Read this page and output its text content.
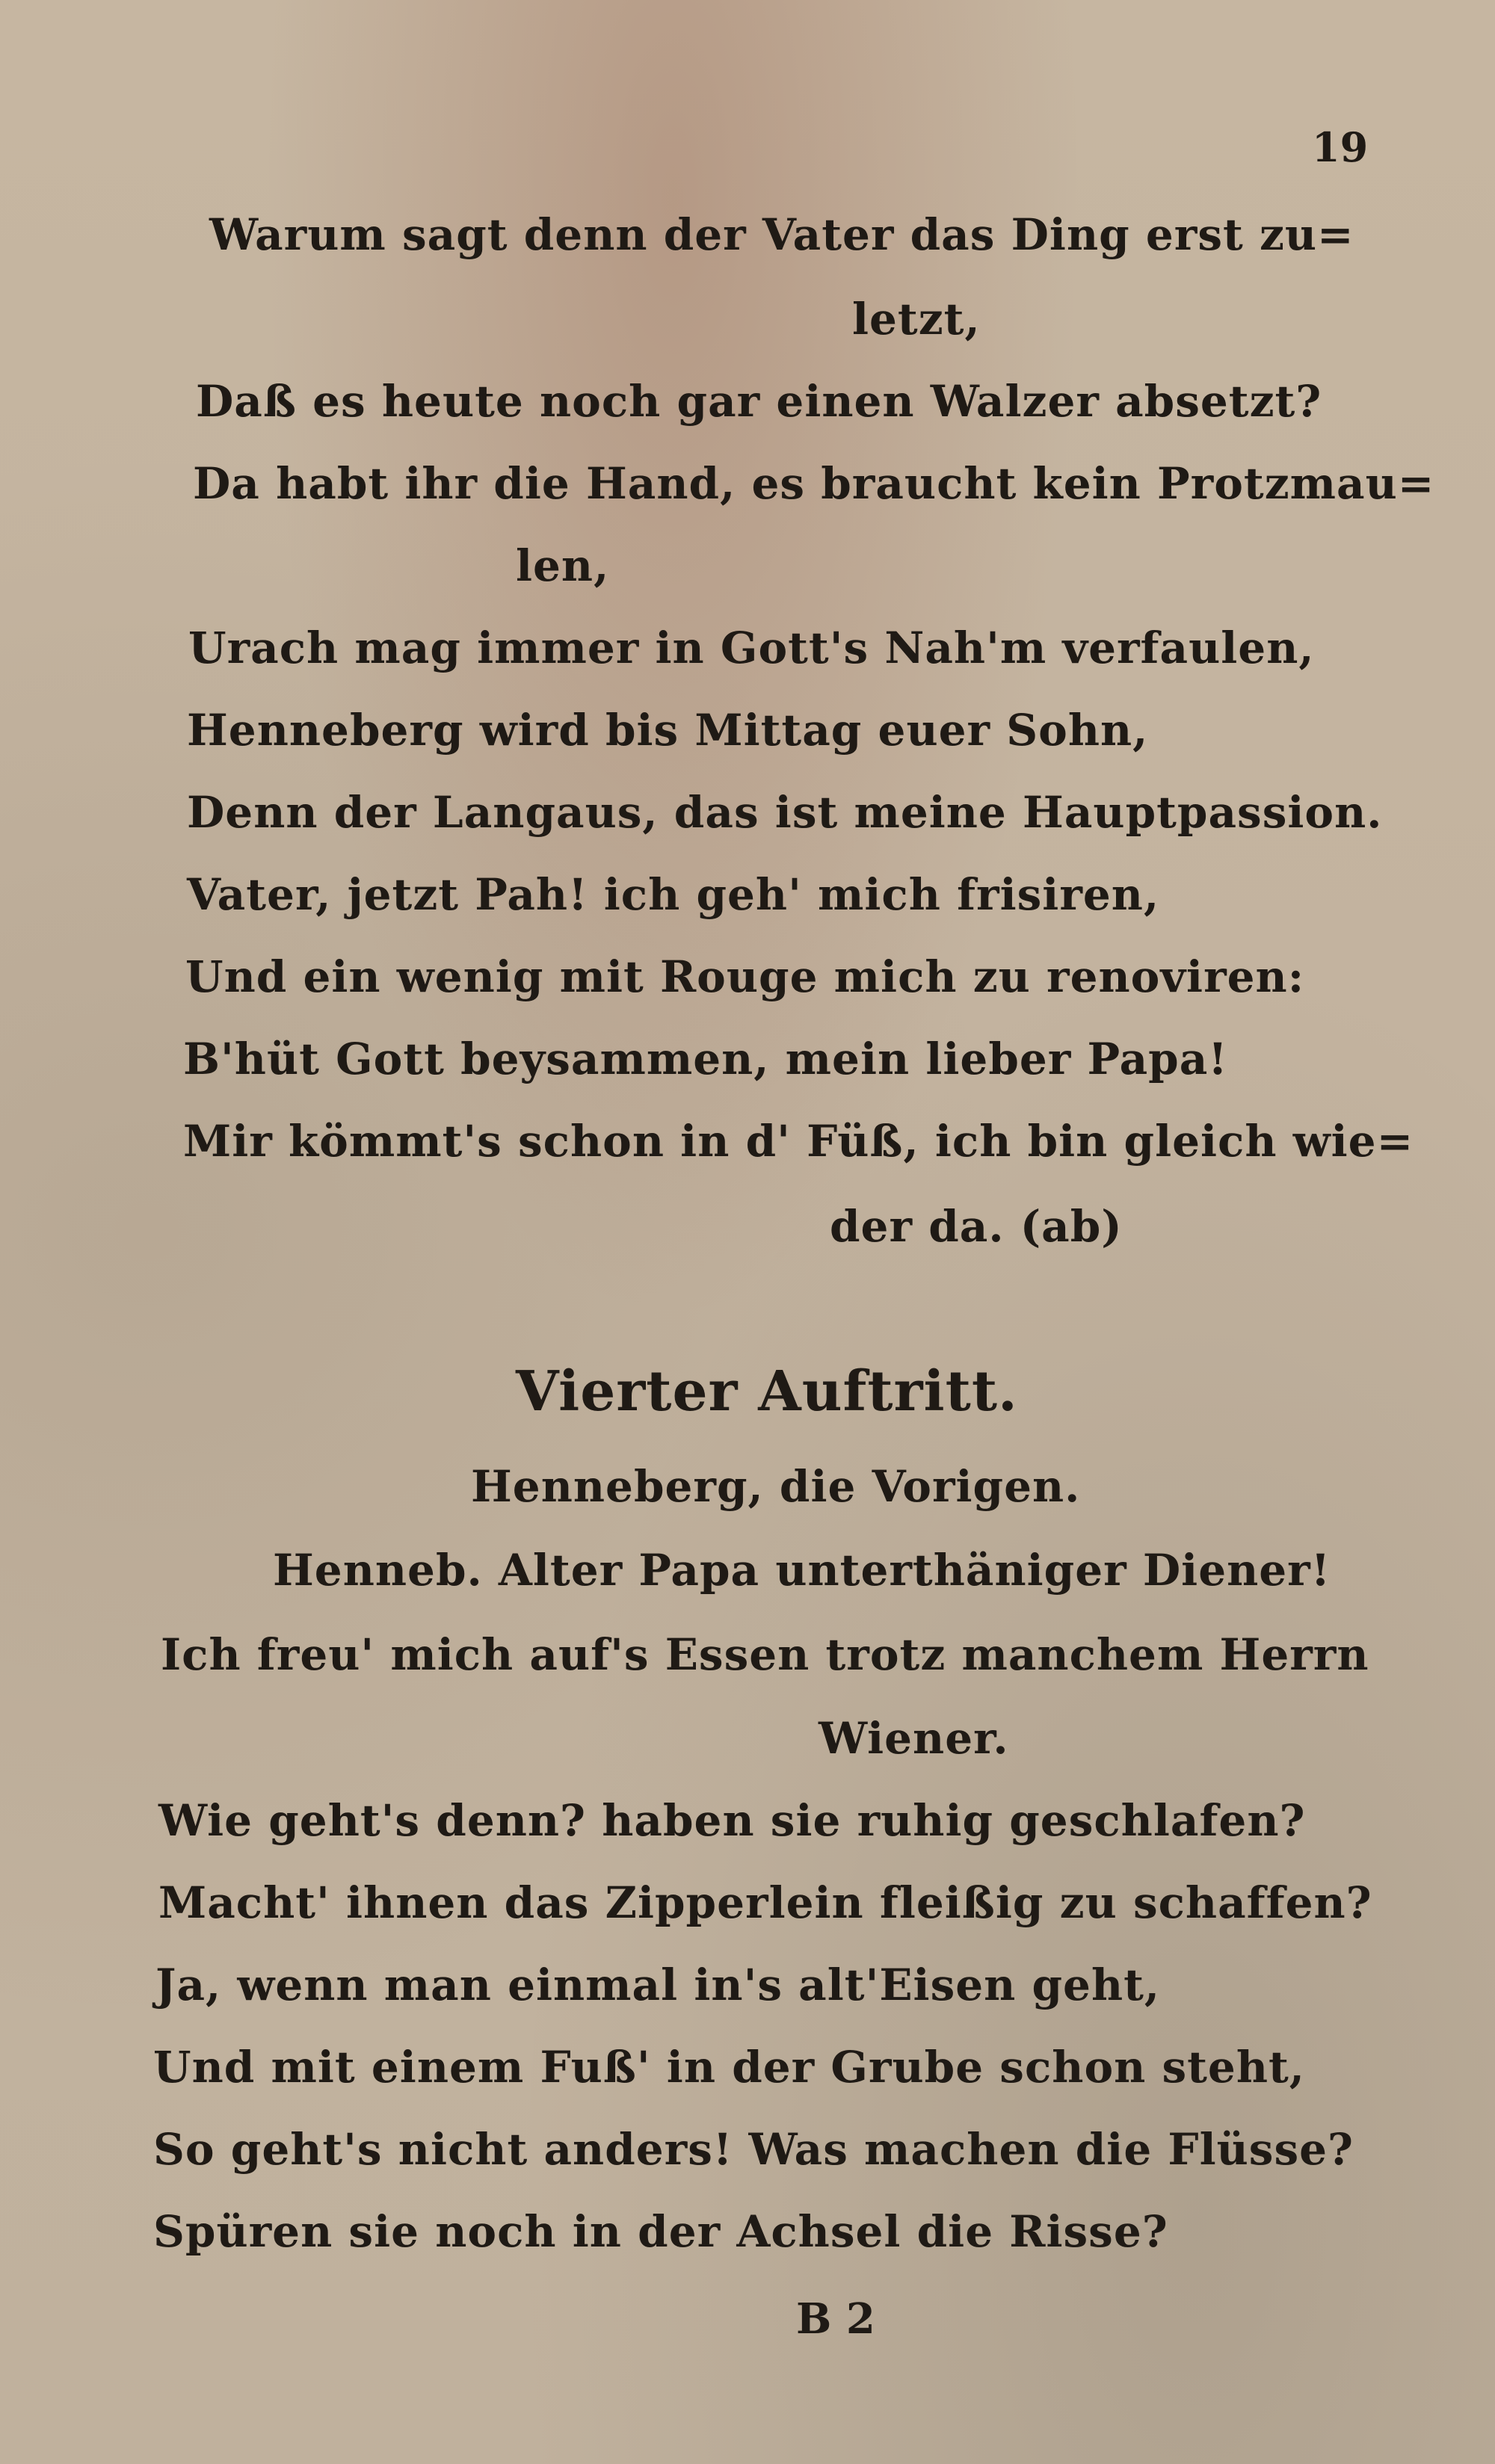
19
Warum sagt denn der Vater das Ding erst zu=
letzt,
Daß es heute noch gar einen Walzer absetzt?
Da habt ihr die Hand, es braucht kein Protzmau=
len,
Urach mag immer in Gott's Nah'm verfaulen,
Henneberg wird bis Mittag euer Sohn,
Denn der Langaus, das ist meine Hauptpassion.
Vater, jetzt Pah! ich geh' mich frisiren,
Und ein wenig mit Rouge mich zu renoviren:
B'hüt Gott beysammen, mein lieber Papa!
Mir kömmt's schon in d' Füß, ich bin gleich wie=
der da. (ab)
Vierter Auftritt.
Henneberg, die Vorigen.
Henneb. Alter Papa unterthäniger Diener!
Ich freu' mich auf's Essen trotz manchem Herrn
Wiener.
Wie geht's denn? haben sie ruhig geschlafen?
Macht' ihnen das Zipperlein fleißig zu schaffen?
Ja, wenn man einmal in's alt'Eisen geht,
Und mit einem Fuß' in der Grube schon steht,
So geht's nicht anders! Was machen die Flüsse?
Spüren sie noch in der Achsel die Risse?
B 2
